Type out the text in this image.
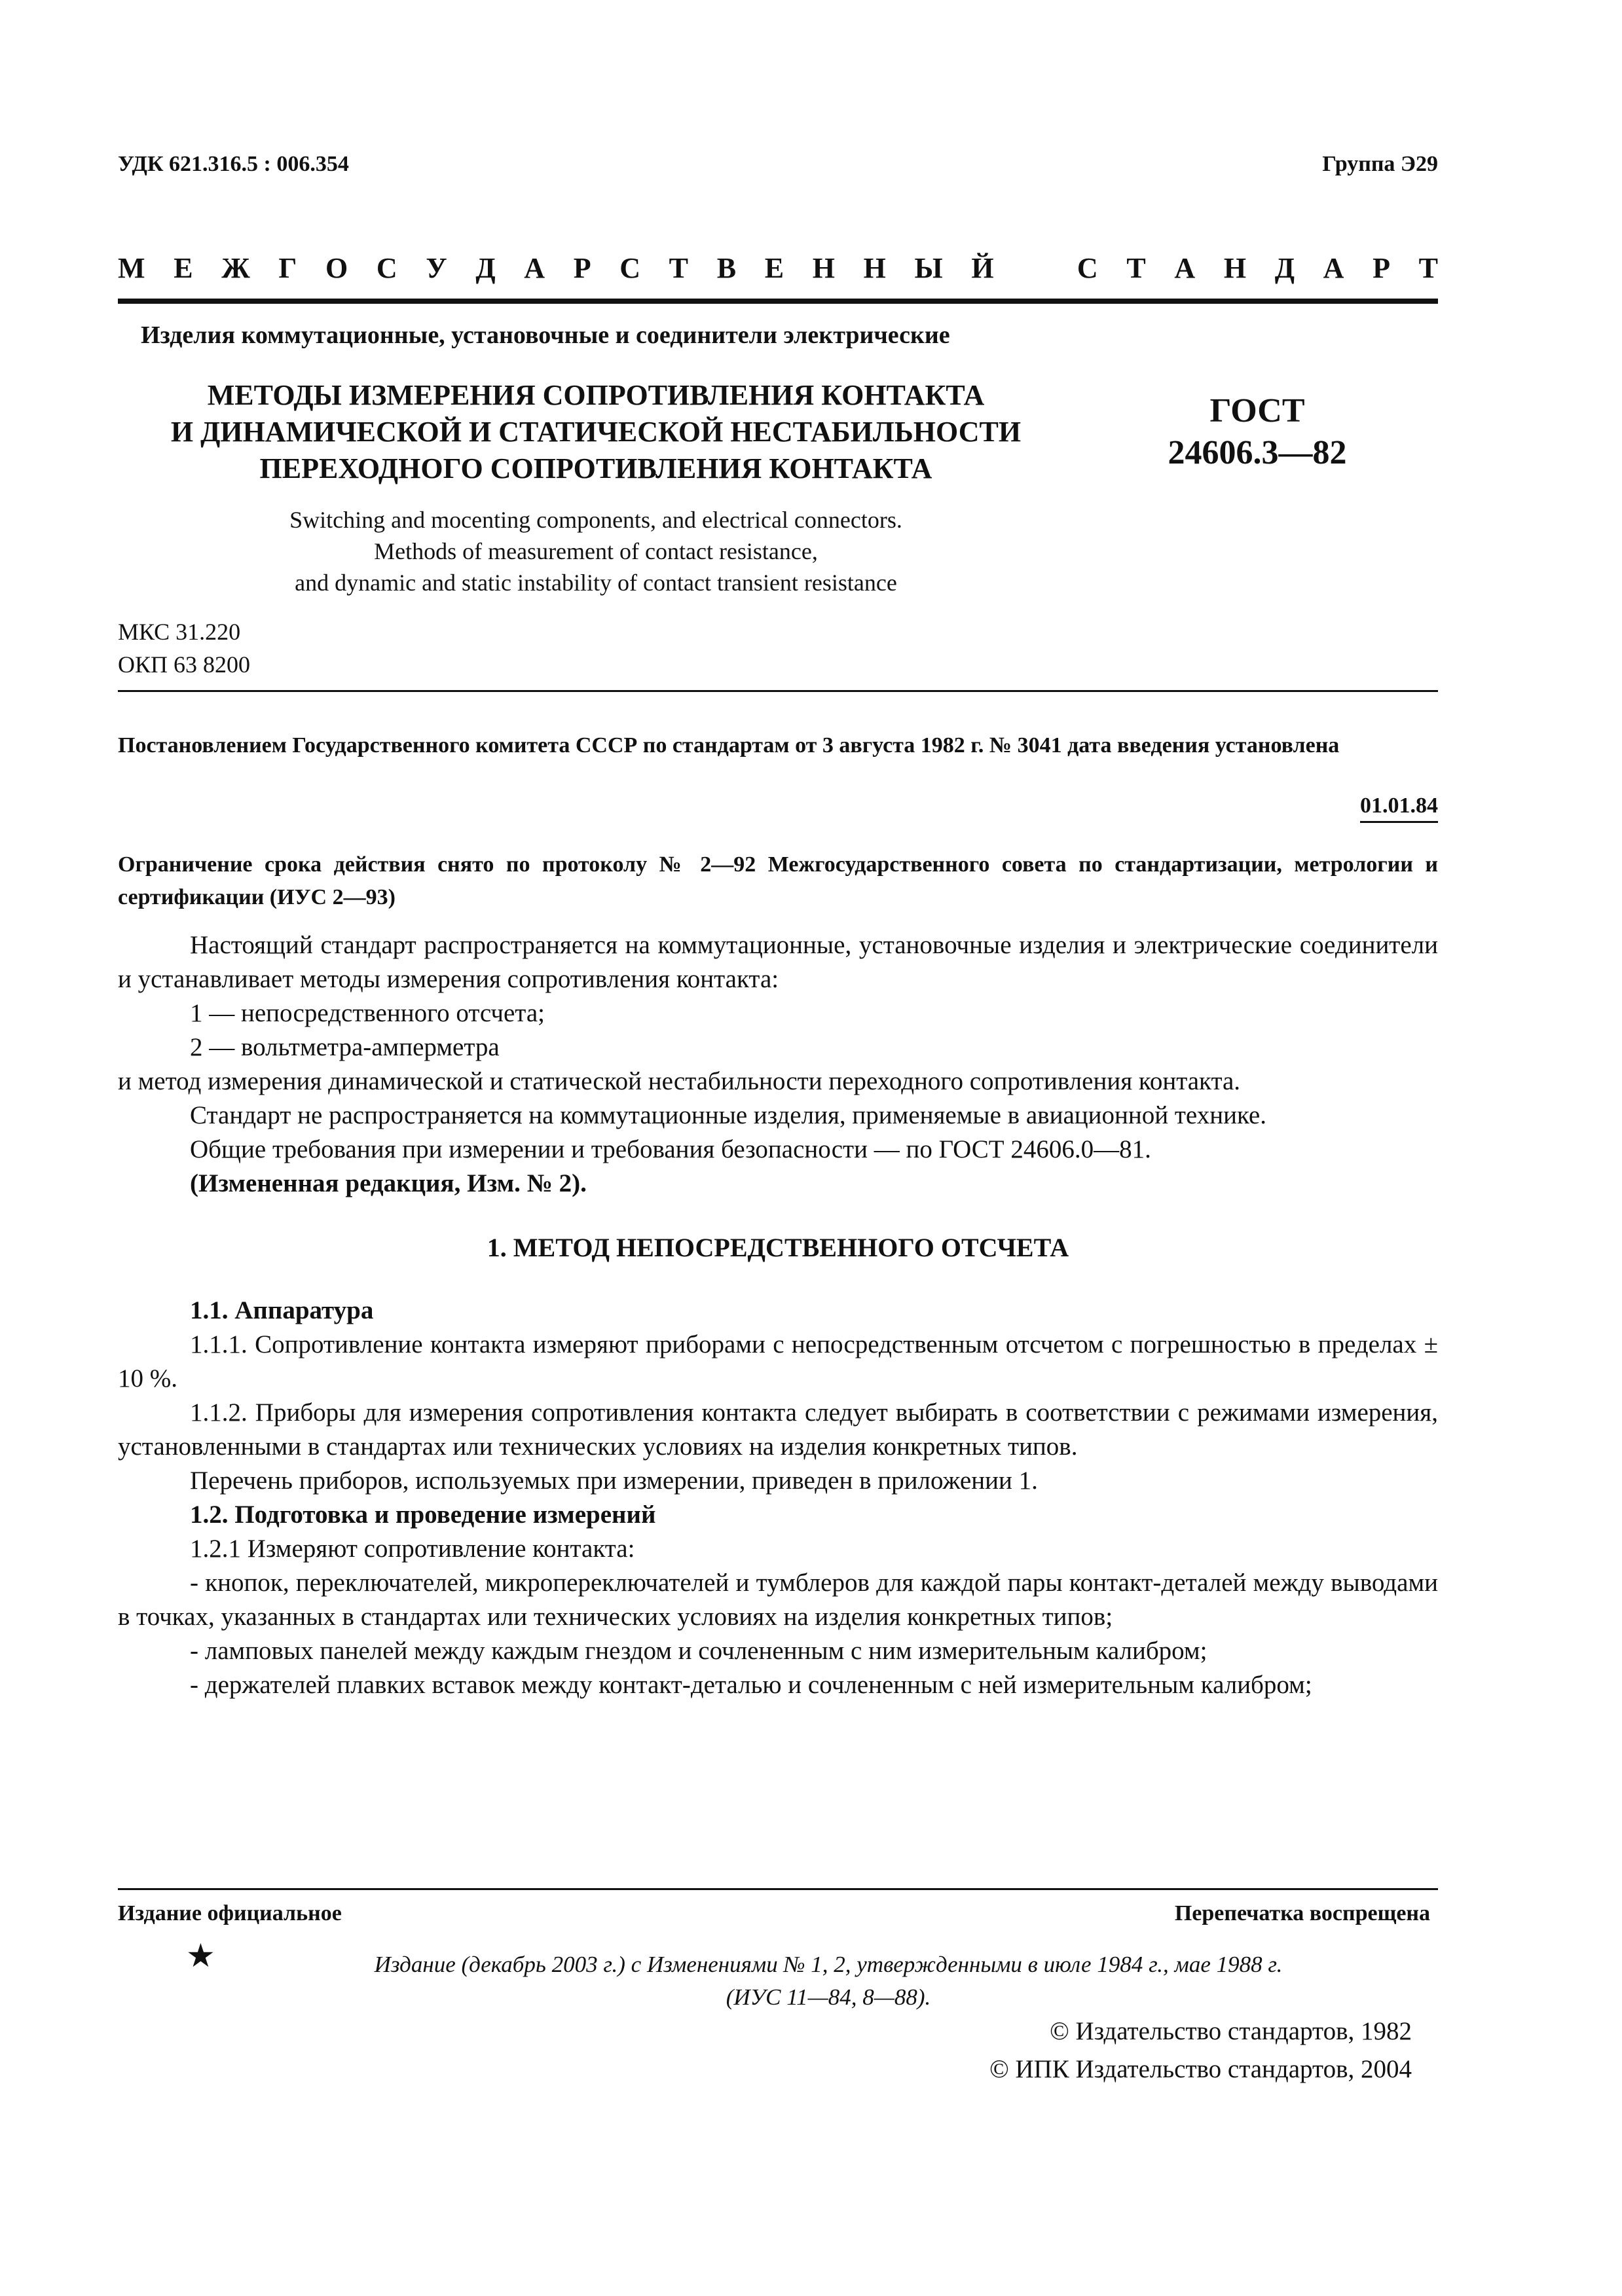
УДК 621.316.5 : 006.354	Группа Э29
М Е Ж Г О С У Д А Р С Т В Е Н Н Ы Й	С Т А Н Д А Р Т
Изделия коммутационные, установочные и соединители электрические
МЕТОДЫ ИЗМЕРЕНИЯ СОПРОТИВЛЕНИЯ КОНТАКТА
И ДИНАМИЧЕСКОЙ И СТАТИЧЕСКОЙ НЕСТАБИЛЬНОСТИ
ПЕРЕХОДНОГО СОПРОТИВЛЕНИЯ КОНТАКТА
ГОСТ
24606.3—82
Switching and mocenting components, and electrical connectors.
Methods of measurement of contact resistance,
and dynamic and static instability of contact transient resistance
МКС 31.220
ОКП 63 8200
Постановлением Государственного комитета СССР по стандартам от 3 августа 1982 г. № 3041 дата введения установлена
01.01.84
Ограничение срока действия снято по протоколу № 2—92 Межгосударственного совета по стандартизации, метрологии и сертификации (ИУС 2—93)

Настоящий стандарт распространяется на коммутационные, установочные изделия и электрические соединители и устанавливает методы измерения сопротивления контакта:

1 — непосредственного отсчета;

2 — вольтметра-амперметра

и метод измерения динамической и статической нестабильности переходного сопротивления контакта.

Стандарт не распространяется на коммутационные изделия, применяемые в авиационной технике.

Общие требования при измерении и требования безопасности — по ГОСТ 24606.0—81.

(Измененная редакция, Изм. № 2).

1. МЕТОД НЕПОСРЕДСТВЕННОГО ОТСЧЕТА

1.1. Аппаратура

1.1.1. Сопротивление контакта измеряют приборами с непосредственным отсчетом с погрешностью в пределах ± 10 %.

1.1.2. Приборы для измерения сопротивления контакта следует выбирать в соответствии с режимами измерения, установленными в стандартах или технических условиях на изделия конкретных типов.

Перечень приборов, используемых при измерении, приведен в приложении 1.

1.2. Подготовка и проведение измерений

1.2.1 Измеряют сопротивление контакта:

- кнопок, переключателей, микропереключателей и тумблеров для каждой пары контакт-деталей между выводами в точках, указанных в стандартах или технических условиях на изделия конкретных типов;

- ламповых панелей между каждым гнездом и сочлененным с ним измерительным калибром;

- держателей плавких вставок между контакт-деталью и сочлененным с ней измерительным калибром;

Издание официальное	Перепечатка воспрещена
★	Издание (декабрь 2003 г.) с Изменениями № 1, 2, утвержденными в июле 1984 г., мае 1988 г.
(ИУС 11—84, 8—88).
© Издательство стандартов, 1982
© ИПК Издательство стандартов, 2004
